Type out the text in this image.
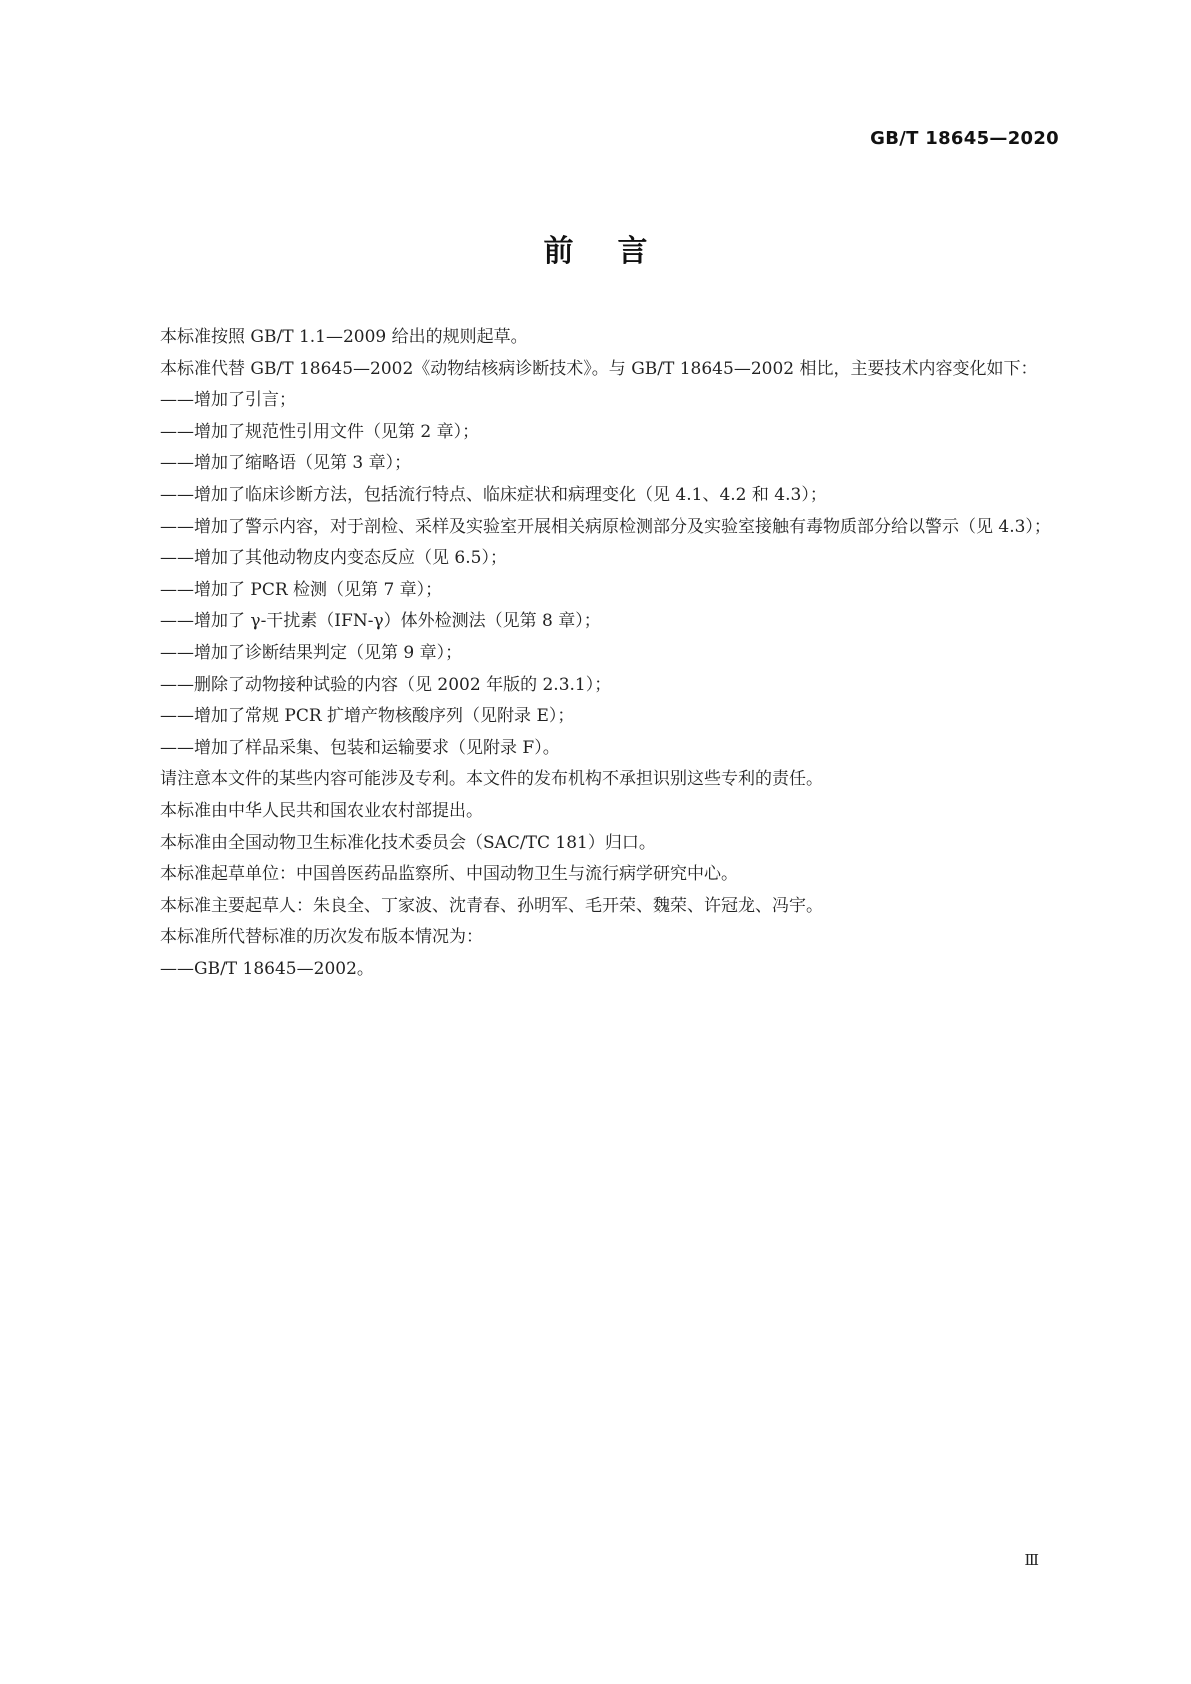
GB/T 18645—2020
前言

本标准按照 GB/T 1.1—2009 给出的规则起草。

本标准代替 GB/T 18645—2002《动物结核病诊断技术》。与 GB/T 18645—2002 相比，主要技术内容变化如下：

——增加了引言；

——增加了规范性引用文件（见第 2 章）；

——增加了缩略语（见第 3 章）；

——增加了临床诊断方法，包括流行特点、临床症状和病理变化（见 4.1、4.2 和 4.3）；

——增加了警示内容，对于剖检、采样及实验室开展相关病原检测部分及实验室接触有毒物质部分给以警示（见 4.3）；

——增加了其他动物皮内变态反应（见 6.5）；

——增加了 PCR 检测（见第 7 章）；

——增加了 γ-干扰素（IFN-γ）体外检测法（见第 8 章）；

——增加了诊断结果判定（见第 9 章）；

——删除了动物接种试验的内容（见 2002 年版的 2.3.1）；

——增加了常规 PCR 扩增产物核酸序列（见附录 E）；

——增加了样品采集、包装和运输要求（见附录 F）。

请注意本文件的某些内容可能涉及专利。本文件的发布机构不承担识别这些专利的责任。

本标准由中华人民共和国农业农村部提出。

本标准由全国动物卫生标准化技术委员会（SAC/TC 181）归口。

本标准起草单位：中国兽医药品监察所、中国动物卫生与流行病学研究中心。

本标准主要起草人：朱良全、丁家波、沈青春、孙明军、毛开荣、魏荣、许冠龙、冯宇。

本标准所代替标准的历次发布版本情况为：

——GB/T 18645—2002。

Ⅲ
